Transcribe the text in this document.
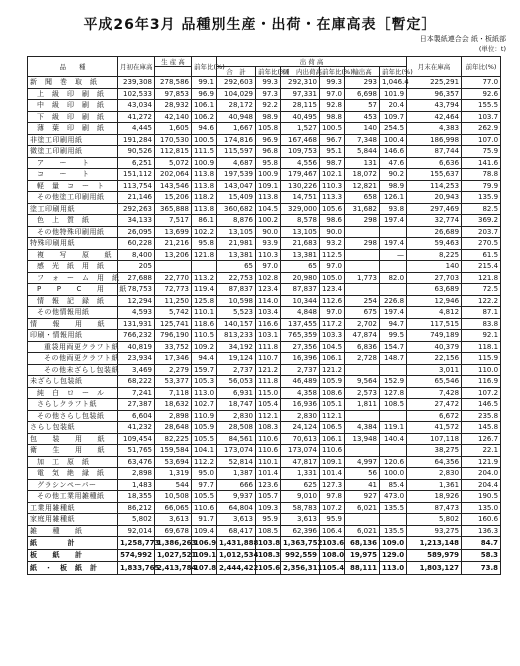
平成26年3月 品種別生産・出荷・在庫高表［暫定］
日本製紙連合会 紙・板紙部
(単位：t)
品　　種	月初在庫高	生 産 高	前年比(%)	出 荷 高						月末在庫高	前年比(%)
				合　計	前年比(%)	国　内出荷高	前年比(%)	輸出高	前年比(%)		

新　聞　巻　取　紙	239,308	278,586	99.1	292,603	99.3	292,310	99.3	293	1,046.4	225,291	77.0
上　級　印　刷　紙	102,533	97,853	96.9	104,029	97.3	97,331	97.0	6,698	101.9	96,357	92.6
中　級　印　刷　紙	43,034	28,932	106.1	28,172	92.2	28,115	92.8	57	20.4	43,794	155.5
下　級　印　刷　紙	41,272	42,140	106.2	40,948	98.9	40,495	98.8	453	109.7	42,464	103.7
薄　葉　印　刷　紙	4,445	1,605	94.6	1,667	105.8	1,527	100.5	140	254.5	4,383	262.9
非塗工印刷用紙	191,284	170,530	100.5	174,816	96.9	167,468	96.7	7,348	100.4	186,998	107.0
微塗工印刷用紙	90,526	112,815	111.5	115,597	96.8	109,753	95.1	5,844	146.6	87,744	75.9
ア　　ー　　ト	6,251	5,072	100.9	4,687	95.8	4,556	98.7	131	47.6	6,636	141.6
コ　　ー　　ト	151,112	202,064	113.8	197,539	100.9	179,467	102.1	18,072	90.2	155,637	78.8
軽　量　コ　ー　ト	113,754	143,546	113.8	143,047	109.1	130,226	110.3	12,821	98.9	114,253	79.9
その他塗工印刷用紙	21,146	15,206	118.2	15,409	113.8	14,751	113.3	658	126.1	20,943	135.9
塗工印刷用紙	292,263	365,888	113.8	360,682	104.5	329,000	105.6	31,682	93.8	297,469	82.5
色　上　質　紙	34,133	7,517	86.1	8,876	100.2	8,578	98.6	298	197.4	32,774	369.2
その他特殊印刷用紙	26,095	13,699	102.2	13,105	90.0	13,105	90.0			26,689	203.7
特殊印刷用紙	60,228	21,216	95.8	21,981	93.9	21,683	93.2	298	197.4	59,463	270.5
複　　写　　原　　紙	8,400	13,206	121.8	13,381	110.3	13,381	112.5		—	8,225	61.5
感　光　紙　用　紙	205			65	97.0	65	97.0			140	215.4
フ　ォ　ー　ム　用　紙	27,688	22,770	113.2	22,753	102.8	20,980	105.0	1,773	82.0	27,703	121.8
P　　P　　C　　用　　紙	78,753	72,773	119.4	87,837	123.4	87,837	123.4			63,689	72.5
情　報　記　録　紙	12,294	11,250	125.8	10,598	114.0	10,344	112.6	254	226.8	12,946	122.2
その他情報用紙	4,593	5,742	110.1	5,523	103.4	4,848	97.0	675	197.4	4,812	87.1
情　　報　　用　　紙	131,931	125,741	118.6	140,157	116.6	137,455	117.2	2,702	94.7	117,515	83.8
印刷・情報用紙	766,232	796,190	110.5	813,233	103.1	765,359	103.3	47,874	99.5	749,189	92.1
重袋用両更クラフト紙	40,819	33,752	109.2	34,192	111.8	27,356	104.5	6,836	154.7	40,379	118.1
その他両更クラフト紙	23,934	17,346	94.4	19,124	110.7	16,396	106.1	2,728	148.7	22,156	115.9
その他未ざらし包装紙	3,469	2,279	159.7	2,737	121.2	2,737	121.2			3,011	110.0
未ざらし包装紙	68,222	53,377	105.3	56,053	111.8	46,489	105.9	9,564	152.9	65,546	116.9
純　白　ロ　ー　ル	7,241	7,118	113.0	6,931	115.0	4,358	108.6	2,573	127.8	7,428	107.2
さらしクラフト紙	27,387	18,632	102.7	18,747	105.4	16,936	105.1	1,811	108.5	27,472	146.5
その他さらし包装紙	6,604	2,898	110.9	2,830	112.1	2,830	112.1			6,672	235.8
さらし包装紙	41,232	28,648	105.9	28,508	108.3	24,124	106.5	4,384	119.1	41,572	145.8
包　　装　　用　　紙	109,454	82,225	105.5	84,561	110.6	70,613	106.1	13,948	140.4	107,118	126.7
衛　　生　　用　　紙	51,765	159,584	104.1	173,074	110.6	173,074	110.6			38,275	22.1
加　工　原　紙	63,476	53,694	112.2	52,814	110.1	47,817	109.1	4,997	120.6	64,356	121.9
電　気　絶　縁　紙	2,898	1,319	95.0	1,387	101.4	1,331	101.4	56	100.0	2,830	204.0
グラシンペーパー	1,483	544	97.7	666	123.6	625	127.3	41	85.4	1,361	204.4
その他工業用雑種紙	18,355	10,508	105.5	9,937	105.7	9,010	97.8	927	473.0	18,926	190.5
工業用雑種紙	86,212	66,065	110.6	64,804	109.3	58,783	107.2	6,021	135.5	87,473	135.0
家庭用雑種紙	5,802	3,613	91.7	3,613	95.9	3,613	95.9			5,802	160.6
雑　　種　　紙	92,014	69,678	109.4	68,417	108.5	62,396	106.4	6,021	135.5	93,275	136.3
紙　　　　計	1,258,773	1,386,263	106.9	1,431,888	103.8	1,363,752	103.6	68,136	109.0	1,213,148	84.7
板　　紙　　計	574,992	1,027,521	109.1	1,012,534	108.3	992,559	108.0	19,975	129.0	589,979	58.3
紙　・　板　紙　計	1,833,765	2,413,784	107.8	2,444,422	105.6	2,356,311	105.4	88,111	113.0	1,803,127	73.8
